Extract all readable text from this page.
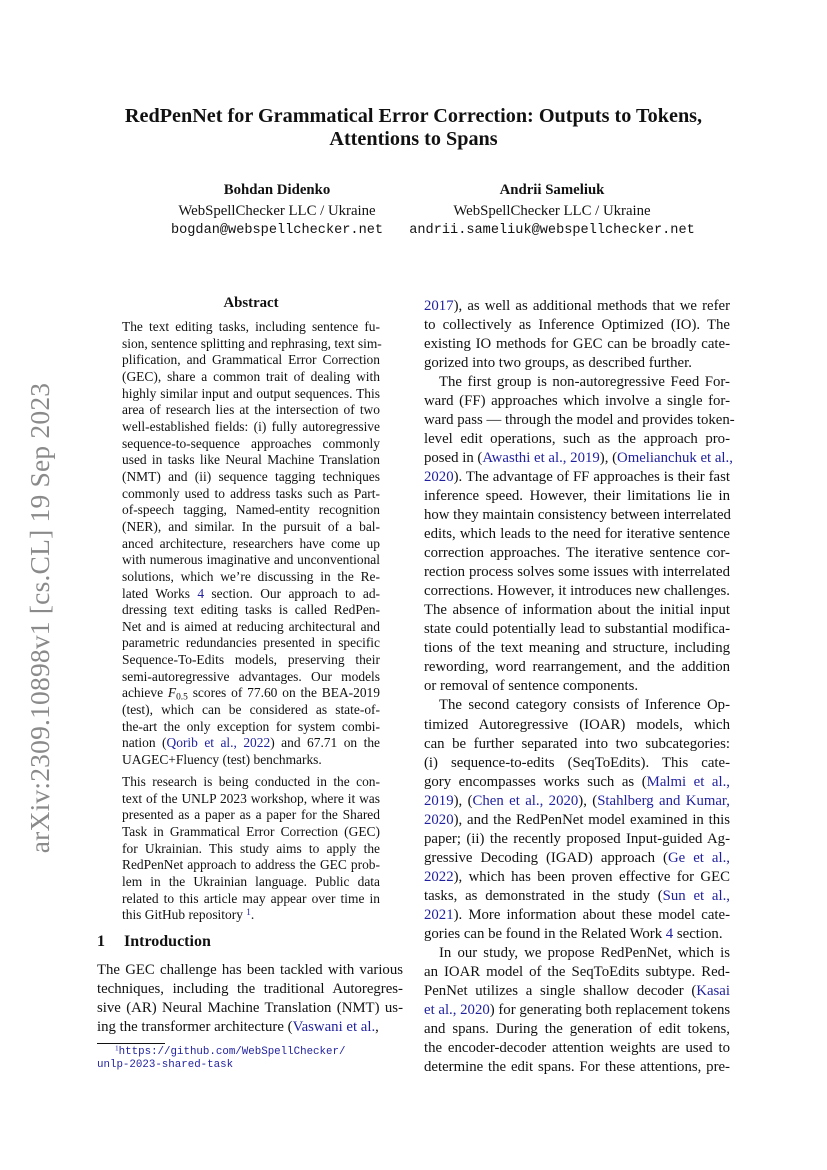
arXiv:2309.10898v1 [cs.CL] 19 Sep 2023
RedPenNet for Grammatical Error Correction: Outputs to Tokens,
Attentions to Spans
Bohdan Didenko
WebSpellChecker LLC / Ukraine
bogdan@webspellchecker.net
Andrii Sameliuk
WebSpellChecker LLC / Ukraine
andrii.sameliuk@webspellchecker.net
Abstract
The text editing tasks, including sentence fu-
sion, sentence splitting and rephrasing, text sim-
plification, and Grammatical Error Correction
(GEC), share a common trait of dealing with
highly similar input and output sequences. This
area of research lies at the intersection of two
well-established fields: (i) fully autoregressive
sequence-to-sequence approaches commonly
used in tasks like Neural Machine Translation
(NMT) and (ii) sequence tagging techniques
commonly used to address tasks such as Part-
of-speech tagging, Named-entity recognition
(NER), and similar. In the pursuit of a bal-
anced architecture, researchers have come up
with numerous imaginative and unconventional
solutions, which we’re discussing in the Re-
lated Works 4 section. Our approach to ad-
dressing text editing tasks is called RedPen-
Net and is aimed at reducing architectural and
parametric redundancies presented in specific
Sequence-To-Edits models, preserving their
semi-autoregressive advantages. Our models
achieve $F_{0.5}$ scores of 77.60 on the BEA-2019
(test), which can be considered as state-of-
the-art the only exception for system combi-
nation (Qorib et al., 2022) and 67.71 on the
UAGEC+Fluency (test) benchmarks.
This research is being conducted in the con-
text of the UNLP 2023 workshop, where it was
presented as a paper as a paper for the Shared
Task in Grammatical Error Correction (GEC)
for Ukrainian. This study aims to apply the
RedPenNet approach to address the GEC prob-
lem in the Ukrainian language. Public data
related to this article may appear over time in
this GitHub repository $^1$.
1 Introduction
The GEC challenge has been tackled with various
techniques, including the traditional Autoregres-
sive (AR) Neural Machine Translation (NMT) us-
ing the transformer architecture (Vaswani et al.,
$^1$https://github.com/WebSpellChecker/
unlp-2023-shared-task
2017), as well as additional methods that we refer
to collectively as Inference Optimized (IO). The
existing IO methods for GEC can be broadly cate-
gorized into two groups, as described further.
The first group is non-autoregressive Feed For-
ward (FF) approaches which involve a single for-
ward pass — through the model and provides token-
level edit operations, such as the approach pro-
posed in (Awasthi et al., 2019), (Omelianchuk et al.,
2020). The advantage of FF approaches is their fast
inference speed. However, their limitations lie in
how they maintain consistency between interrelated
edits, which leads to the need for iterative sentence
correction approaches. The iterative sentence cor-
rection process solves some issues with interrelated
corrections. However, it introduces new challenges.
The absence of information about the initial input
state could potentially lead to substantial modifica-
tions of the text meaning and structure, including
rewording, word rearrangement, and the addition
or removal of sentence components.
The second category consists of Inference Op-
timized Autoregressive (IOAR) models, which
can be further separated into two subcategories:
(i) sequence-to-edits (SeqToEdits). This cate-
gory encompasses works such as (Malmi et al.,
2019), (Chen et al., 2020), (Stahlberg and Kumar,
2020), and the RedPenNet model examined in this
paper; (ii) the recently proposed Input-guided Ag-
gressive Decoding (IGAD) approach (Ge et al.,
2022), which has been proven effective for GEC
tasks, as demonstrated in the study (Sun et al.,
2021). More information about these model cate-
gories can be found in the Related Work 4 section.
In our study, we propose RedPenNet, which is
an IOAR model of the SeqToEdits subtype. Red-
PenNet utilizes a single shallow decoder (Kasai
et al., 2020) for generating both replacement tokens
and spans. During the generation of edit tokens,
the encoder-decoder attention weights are used to
determine the edit spans. For these attentions, pre-
